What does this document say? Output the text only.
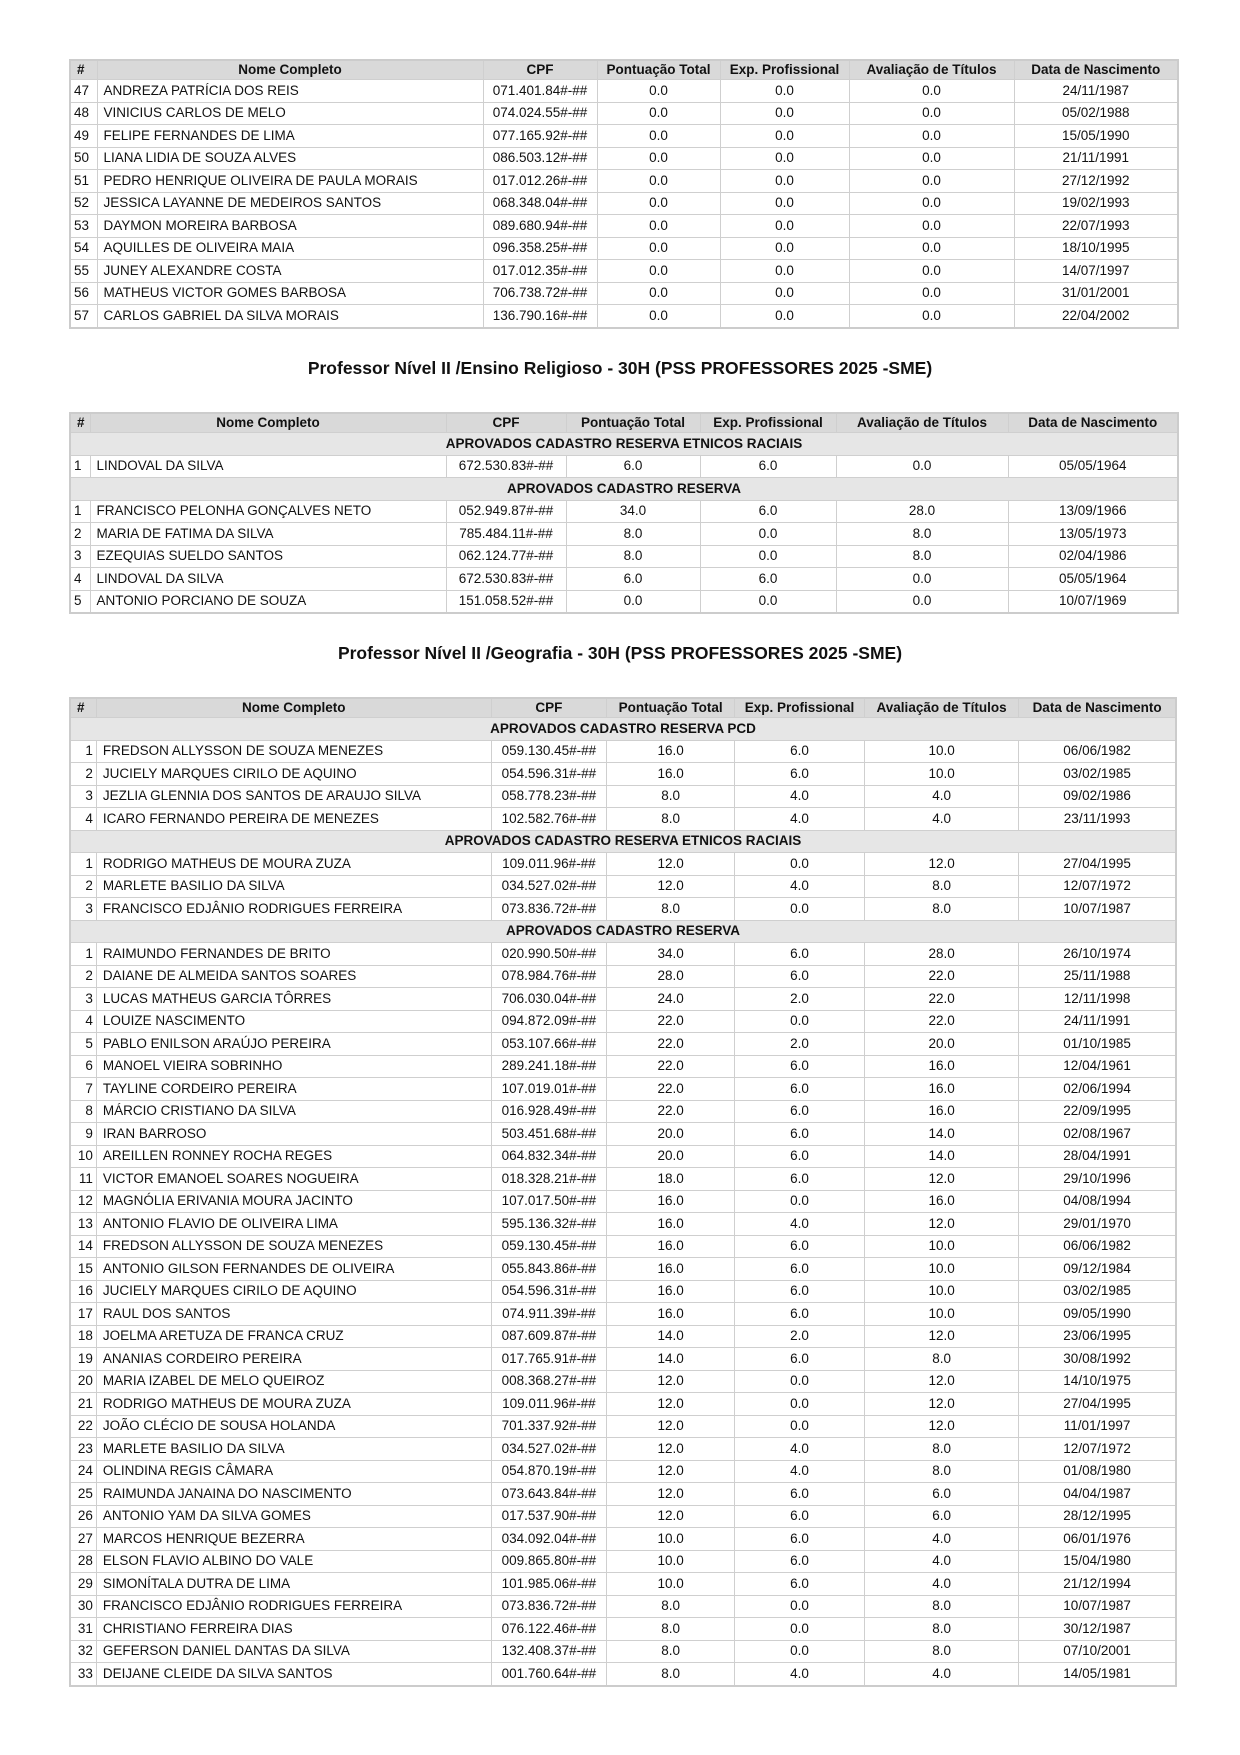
#	Nome Completo	CPF	Pontuação Total	Exp. Profissional	Avaliação de Títulos	Data de Nascimento
47	ANDREZA PATRÍCIA DOS REIS	071.401.84#-##	0.0	0.0	0.0	24/11/1987
48	VINICIUS CARLOS DE MELO	074.024.55#-##	0.0	0.0	0.0	05/02/1988
49	FELIPE FERNANDES DE LIMA	077.165.92#-##	0.0	0.0	0.0	15/05/1990
50	LIANA LIDIA DE SOUZA ALVES	086.503.12#-##	0.0	0.0	0.0	21/11/1991
51	PEDRO HENRIQUE OLIVEIRA DE PAULA MORAIS	017.012.26#-##	0.0	0.0	0.0	27/12/1992
52	JESSICA LAYANNE DE MEDEIROS SANTOS	068.348.04#-##	0.0	0.0	0.0	19/02/1993
53	DAYMON MOREIRA BARBOSA	089.680.94#-##	0.0	0.0	0.0	22/07/1993
54	AQUILLES DE OLIVEIRA MAIA	096.358.25#-##	0.0	0.0	0.0	18/10/1995
55	JUNEY ALEXANDRE COSTA	017.012.35#-##	0.0	0.0	0.0	14/07/1997
56	MATHEUS VICTOR GOMES BARBOSA	706.738.72#-##	0.0	0.0	0.0	31/01/2001
57	CARLOS GABRIEL DA SILVA MORAIS	136.790.16#-##	0.0	0.0	0.0	22/04/2002
Professor Nível II /Ensino Religioso - 30H (PSS PROFESSORES 2025 -SME)
#	Nome Completo	CPF	Pontuação Total	Exp. Profissional	Avaliação de Títulos	Data de Nascimento
APROVADOS CADASTRO RESERVA ETNICOS RACIAIS						
1	LINDOVAL DA SILVA	672.530.83#-##	6.0	6.0	0.0	05/05/1964
APROVADOS CADASTRO RESERVA						
1	FRANCISCO PELONHA GONÇALVES NETO	052.949.87#-##	34.0	6.0	28.0	13/09/1966
2	MARIA DE FATIMA DA SILVA	785.484.11#-##	8.0	0.0	8.0	13/05/1973
3	EZEQUIAS SUELDO SANTOS	062.124.77#-##	8.0	0.0	8.0	02/04/1986
4	LINDOVAL DA SILVA	672.530.83#-##	6.0	6.0	0.0	05/05/1964
5	ANTONIO PORCIANO DE SOUZA	151.058.52#-##	0.0	0.0	0.0	10/07/1969
Professor Nível II /Geografia - 30H (PSS PROFESSORES 2025 -SME)
#	Nome Completo	CPF	Pontuação Total	Exp. Profissional	Avaliação de Títulos	Data de Nascimento
APROVADOS CADASTRO RESERVA PCD						
1	FREDSON ALLYSSON DE SOUZA MENEZES	059.130.45#-##	16.0	6.0	10.0	06/06/1982
2	JUCIELY MARQUES CIRILO DE AQUINO	054.596.31#-##	16.0	6.0	10.0	03/02/1985
3	JEZLIA GLENNIA DOS SANTOS DE ARAUJO SILVA	058.778.23#-##	8.0	4.0	4.0	09/02/1986
4	ICARO FERNANDO PEREIRA DE MENEZES	102.582.76#-##	8.0	4.0	4.0	23/11/1993
APROVADOS CADASTRO RESERVA ETNICOS RACIAIS						
1	RODRIGO MATHEUS DE MOURA ZUZA	109.011.96#-##	12.0	0.0	12.0	27/04/1995
2	MARLETE BASILIO DA SILVA	034.527.02#-##	12.0	4.0	8.0	12/07/1972
3	FRANCISCO EDJÂNIO RODRIGUES FERREIRA	073.836.72#-##	8.0	0.0	8.0	10/07/1987
APROVADOS CADASTRO RESERVA						
1	RAIMUNDO FERNANDES DE BRITO	020.990.50#-##	34.0	6.0	28.0	26/10/1974
2	DAIANE DE ALMEIDA SANTOS SOARES	078.984.76#-##	28.0	6.0	22.0	25/11/1988
3	LUCAS MATHEUS GARCIA TÔRRES	706.030.04#-##	24.0	2.0	22.0	12/11/1998
4	LOUIZE NASCIMENTO	094.872.09#-##	22.0	0.0	22.0	24/11/1991
5	PABLO ENILSON ARAÚJO PEREIRA	053.107.66#-##	22.0	2.0	20.0	01/10/1985
6	MANOEL VIEIRA SOBRINHO	289.241.18#-##	22.0	6.0	16.0	12/04/1961
7	TAYLINE CORDEIRO PEREIRA	107.019.01#-##	22.0	6.0	16.0	02/06/1994
8	MÁRCIO CRISTIANO DA SILVA	016.928.49#-##	22.0	6.0	16.0	22/09/1995
9	IRAN BARROSO	503.451.68#-##	20.0	6.0	14.0	02/08/1967
10	AREILLEN RONNEY ROCHA REGES	064.832.34#-##	20.0	6.0	14.0	28/04/1991
11	VICTOR EMANOEL SOARES NOGUEIRA	018.328.21#-##	18.0	6.0	12.0	29/10/1996
12	MAGNÓLIA ERIVANIA MOURA JACINTO	107.017.50#-##	16.0	0.0	16.0	04/08/1994
13	ANTONIO FLAVIO DE OLIVEIRA LIMA	595.136.32#-##	16.0	4.0	12.0	29/01/1970
14	FREDSON ALLYSSON DE SOUZA MENEZES	059.130.45#-##	16.0	6.0	10.0	06/06/1982
15	ANTONIO GILSON FERNANDES DE OLIVEIRA	055.843.86#-##	16.0	6.0	10.0	09/12/1984
16	JUCIELY MARQUES CIRILO DE AQUINO	054.596.31#-##	16.0	6.0	10.0	03/02/1985
17	RAUL DOS SANTOS	074.911.39#-##	16.0	6.0	10.0	09/05/1990
18	JOELMA ARETUZA DE FRANCA CRUZ	087.609.87#-##	14.0	2.0	12.0	23/06/1995
19	ANANIAS CORDEIRO PEREIRA	017.765.91#-##	14.0	6.0	8.0	30/08/1992
20	MARIA IZABEL DE MELO QUEIROZ	008.368.27#-##	12.0	0.0	12.0	14/10/1975
21	RODRIGO MATHEUS DE MOURA ZUZA	109.011.96#-##	12.0	0.0	12.0	27/04/1995
22	JOÃO CLÉCIO DE SOUSA HOLANDA	701.337.92#-##	12.0	0.0	12.0	11/01/1997
23	MARLETE BASILIO DA SILVA	034.527.02#-##	12.0	4.0	8.0	12/07/1972
24	OLINDINA REGIS CÂMARA	054.870.19#-##	12.0	4.0	8.0	01/08/1980
25	RAIMUNDA JANAINA DO NASCIMENTO	073.643.84#-##	12.0	6.0	6.0	04/04/1987
26	ANTONIO YAM DA SILVA GOMES	017.537.90#-##	12.0	6.0	6.0	28/12/1995
27	MARCOS HENRIQUE BEZERRA	034.092.04#-##	10.0	6.0	4.0	06/01/1976
28	ELSON FLAVIO ALBINO DO VALE	009.865.80#-##	10.0	6.0	4.0	15/04/1980
29	SIMONÍTALA DUTRA DE LIMA	101.985.06#-##	10.0	6.0	4.0	21/12/1994
30	FRANCISCO EDJÂNIO RODRIGUES FERREIRA	073.836.72#-##	8.0	0.0	8.0	10/07/1987
31	CHRISTIANO FERREIRA DIAS	076.122.46#-##	8.0	0.0	8.0	30/12/1987
32	GEFERSON DANIEL DANTAS DA SILVA	132.408.37#-##	8.0	0.0	8.0	07/10/2001
33	DEIJANE CLEIDE DA SILVA SANTOS	001.760.64#-##	8.0	4.0	4.0	14/05/1981
